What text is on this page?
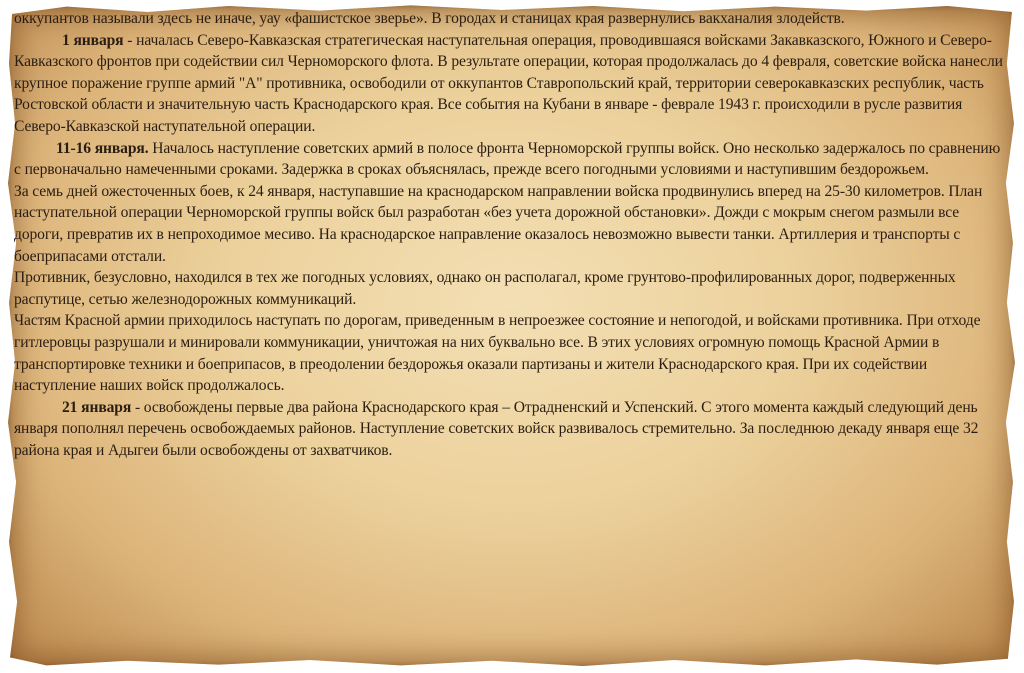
оккупантов называли здесь не иначе, уау «фашистское зверье». В городах и станицах края развернулись вакханалия злодейств.

1 января - началась Северо-Кавказская стратегическая наступательная операция, проводившаяся войсками Закавказского, Южного и Северо-Кавказского фронтов при содействии сил Черноморского флота. В результате операции, которая продолжалась до 4 февраля, советские войска нанесли крупное поражение группе армий "А" противника, освободили от оккупантов Ставропольский край, территории северокавказских республик, часть Ростовской области и значительную часть Краснодарского края. Все события на Кубани в январе - феврале 1943 г. происходили в русле развития Северо-Кавказской наступательной операции.

11-16 января. Началось наступление советских армий в полосе фронта Черноморской группы войск. Оно несколько задержалось по сравнению с первоначально намеченными сроками. Задержка в сроках объяснялась, прежде всего погодными условиями и наступившим бездорожьем.

За семь дней ожесточенных боев, к 24 января, наступавшие на краснодарском направлении войска продвинулись вперед на 25-30 километров. План наступательной операции Черноморской группы войск был разработан «без учета дорожной обстановки». Дожди с мокрым снегом размыли все дороги, превратив их в непроходимое месиво. На краснодарское направление оказалось невозможно вывести танки. Артиллерия и транспорты с боеприпасами отстали.

Противник, безусловно, находился в тех же погодных условиях, однако он располагал, кроме грунтово-профилированных дорог, подверженных распутице, сетью железнодорожных коммуникаций.

Частям Красной армии приходилось наступать по дорогам, приведенным в непроезжее состояние и непогодой, и войсками противника. При отходе гитлеровцы разрушали и минировали коммуникации, уничтожая на них буквально все. В этих условиях огромную помощь Красной Армии в транспортировке техники и боеприпасов, в преодолении бездорожья оказали партизаны и жители Краснодарского края. При их содействии наступление наших войск продолжалось.

21 января - освобождены первые два района Краснодарского края – Отрадненский и Успенский. С этого момента каждый следующий день января пополнял перечень освобождаемых районов. Наступление советских войск развивалось стремительно. За последнюю декаду января еще 32 района края и Адыгеи были освобождены от захватчиков.
